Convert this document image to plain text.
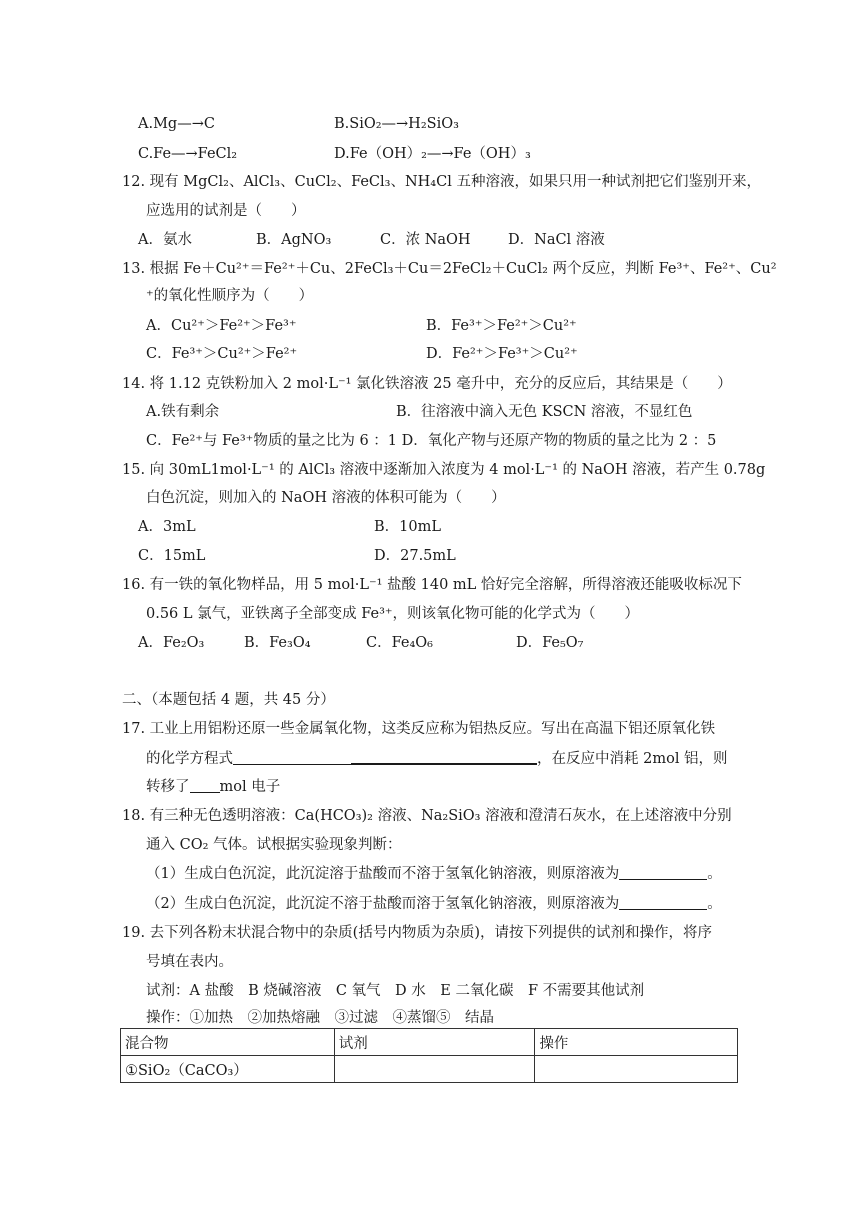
A.Mg—→C	B.SiO₂—→H₂SiO₃
C.Fe—→FeCl₂	D.Fe（OH）₂—→Fe（OH）₃
12. 现有 MgCl₂、AlCl₃、CuCl₂、FeCl₃、NH₄Cl 五种溶液，如果只用一种试剂把它们鉴别开来，
应选用的试剂是（　　）
A．氨水	B．AgNO₃	C．浓 NaOH	D．NaCl 溶液
13. 根据 Fe＋Cu²⁺＝Fe²⁺＋Cu、2FeCl₃＋Cu＝2FeCl₂＋CuCl₂ 两个反应，判断 Fe³⁺、Fe²⁺、Cu²
⁺的氧化性顺序为（　　）
A．Cu²⁺＞Fe²⁺＞Fe³⁺	B．Fe³⁺＞Fe²⁺＞Cu²⁺
C．Fe³⁺＞Cu²⁺＞Fe²⁺	D．Fe²⁺＞Fe³⁺＞Cu²⁺
14. 将 1.12 克铁粉加入 2 mol·L⁻¹ 氯化铁溶液 25 毫升中，充分的反应后，其结果是（　　）
A.铁有剩余	B．往溶液中滴入无色 KSCN 溶液，不显红色
C．Fe²⁺与 Fe³⁺物质的量之比为 6 ：1 D．氧化产物与还原产物的物质的量之比为 2 ：5
15. 向 30mL1mol·L⁻¹ 的 AlCl₃ 溶液中逐渐加入浓度为 4 mol·L⁻¹ 的 NaOH 溶液，若产生 0.78g
白色沉淀，则加入的 NaOH 溶液的体积可能为（　　）
A．3mL	B．10mL
C．15mL	D．27.5mL
16. 有一铁的氧化物样品，用 5 mol·L⁻¹ 盐酸 140 mL 恰好完全溶解，所得溶液还能吸收标况下
0.56 L 氯气，亚铁离子全部变成 Fe³⁺，则该氧化物可能的化学式为（　　）
A．Fe₂O₃	B．Fe₃O₄	C．Fe₄O₆	D．Fe₅O₇
二、（本题包括 4 题，共 45 分）
17. 工业上用铝粉还原一些金属氧化物，这类反应称为铝热反应。写出在高温下铝还原氧化铁
的化学方程式	，在反应中消耗 2mol 铝，则
转移了 mol 电子
18. 有三种无色透明溶液：Ca(HCO₃)₂ 溶液、Na₂SiO₃ 溶液和澄清石灰水，在上述溶液中分别
通入 CO₂ 气体。试根据实验现象判断：
（1）生成白色沉淀，此沉淀溶于盐酸而不溶于氢氧化钠溶液，则原溶液为	。
（2）生成白色沉淀，此沉淀不溶于盐酸而溶于氢氧化钠溶液，则原溶液为	。
19. 去下列各粉末状混合物中的杂质(括号内物质为杂质)，请按下列提供的试剂和操作，将序
号填在表内。
试剂：A 盐酸　B 烧碱溶液　C 氧气　D 水　E 二氧化碳　F 不需要其他试剂
操作：①加热　②加热熔融　③过滤　④蒸馏⑤　结晶
混合物	试剂	操作
①SiO₂（CaCO₃）		
